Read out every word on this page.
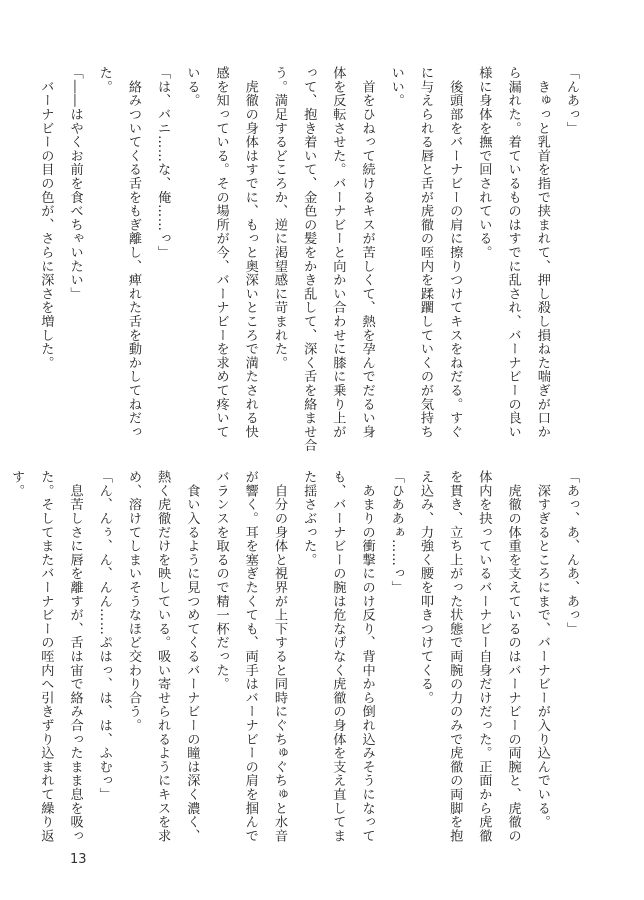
「んあっ」
　きゅっと乳首を指で挟まれて、押し殺し損ねた喘ぎが口か
ら漏れた。着ているものはすでに乱され、バーナビーの良い
様に身体を撫で回されている。
　後頭部をバーナビーの肩に擦りつけてキスをねだる。すぐ
に与えられる唇と舌が虎徹の咥内を蹂躙していくのが気持ち
いい。
　首をひねって続けるキスが苦しくて、熱を孕んでだるい身
体を反転させた。バーナビーと向かい合わせに膝に乗り上が
って、抱き着いて、金色の髪をかき乱して、深く舌を絡ませ合
う。満足するどころか、逆に渇望感に苛まれた。
　虎徹の身体はすでに、もっと奥深いところで満たされる快
感を知っている。その場所が今、バーナビーを求めて疼いて
いる。
「は、バニ……な、俺……っ」
　絡みついてくる舌をもぎ離し、痺れた舌を動かしてねだっ
た。
「――はやくお前を食べちゃいたい」
　バーナビーの目の色が、さらに深さを増した。
「あっ、あ、んあ、あっ」
　深すぎるところにまで、バーナビーが入り込んでいる。
　虎徹の体重を支えているのはバーナビーの両腕と、虎徹の
体内を抉っているバーナビー自身だけだった。正面から虎徹
を貫き、立ち上がった状態で両腕の力のみで虎徹の両脚を抱
え込み、力強く腰を叩きつけてくる。
「ひああぁ……っ」
　あまりの衝撃にのけ反り、背中から倒れ込みそうになって
も、バーナビーの腕は危なげなく虎徹の身体を支え直してま
た揺さぶった。
　自分の身体と視界が上下すると同時にぐちゅぐちゅと水音
が響く。耳を塞ぎたくても、両手はバーナビーの肩を掴んで
バランスを取るので精一杯だった。
　食い入るように見つめてくるバーナビーの瞳は深く濃く、
熱く虎徹だけを映している。吸い寄せられるようにキスを求
め、溶けてしまいそうなほど交わり合う。
「ん、んぅ、ん、んん……ぷはっ、は、は、ふむっ」
　息苦しさに唇を離すが、舌は宙で絡み合ったまま息を吸っ
た。そしてまたバーナビーの咥内へ引きずり込まれて繰り返
す。
13
